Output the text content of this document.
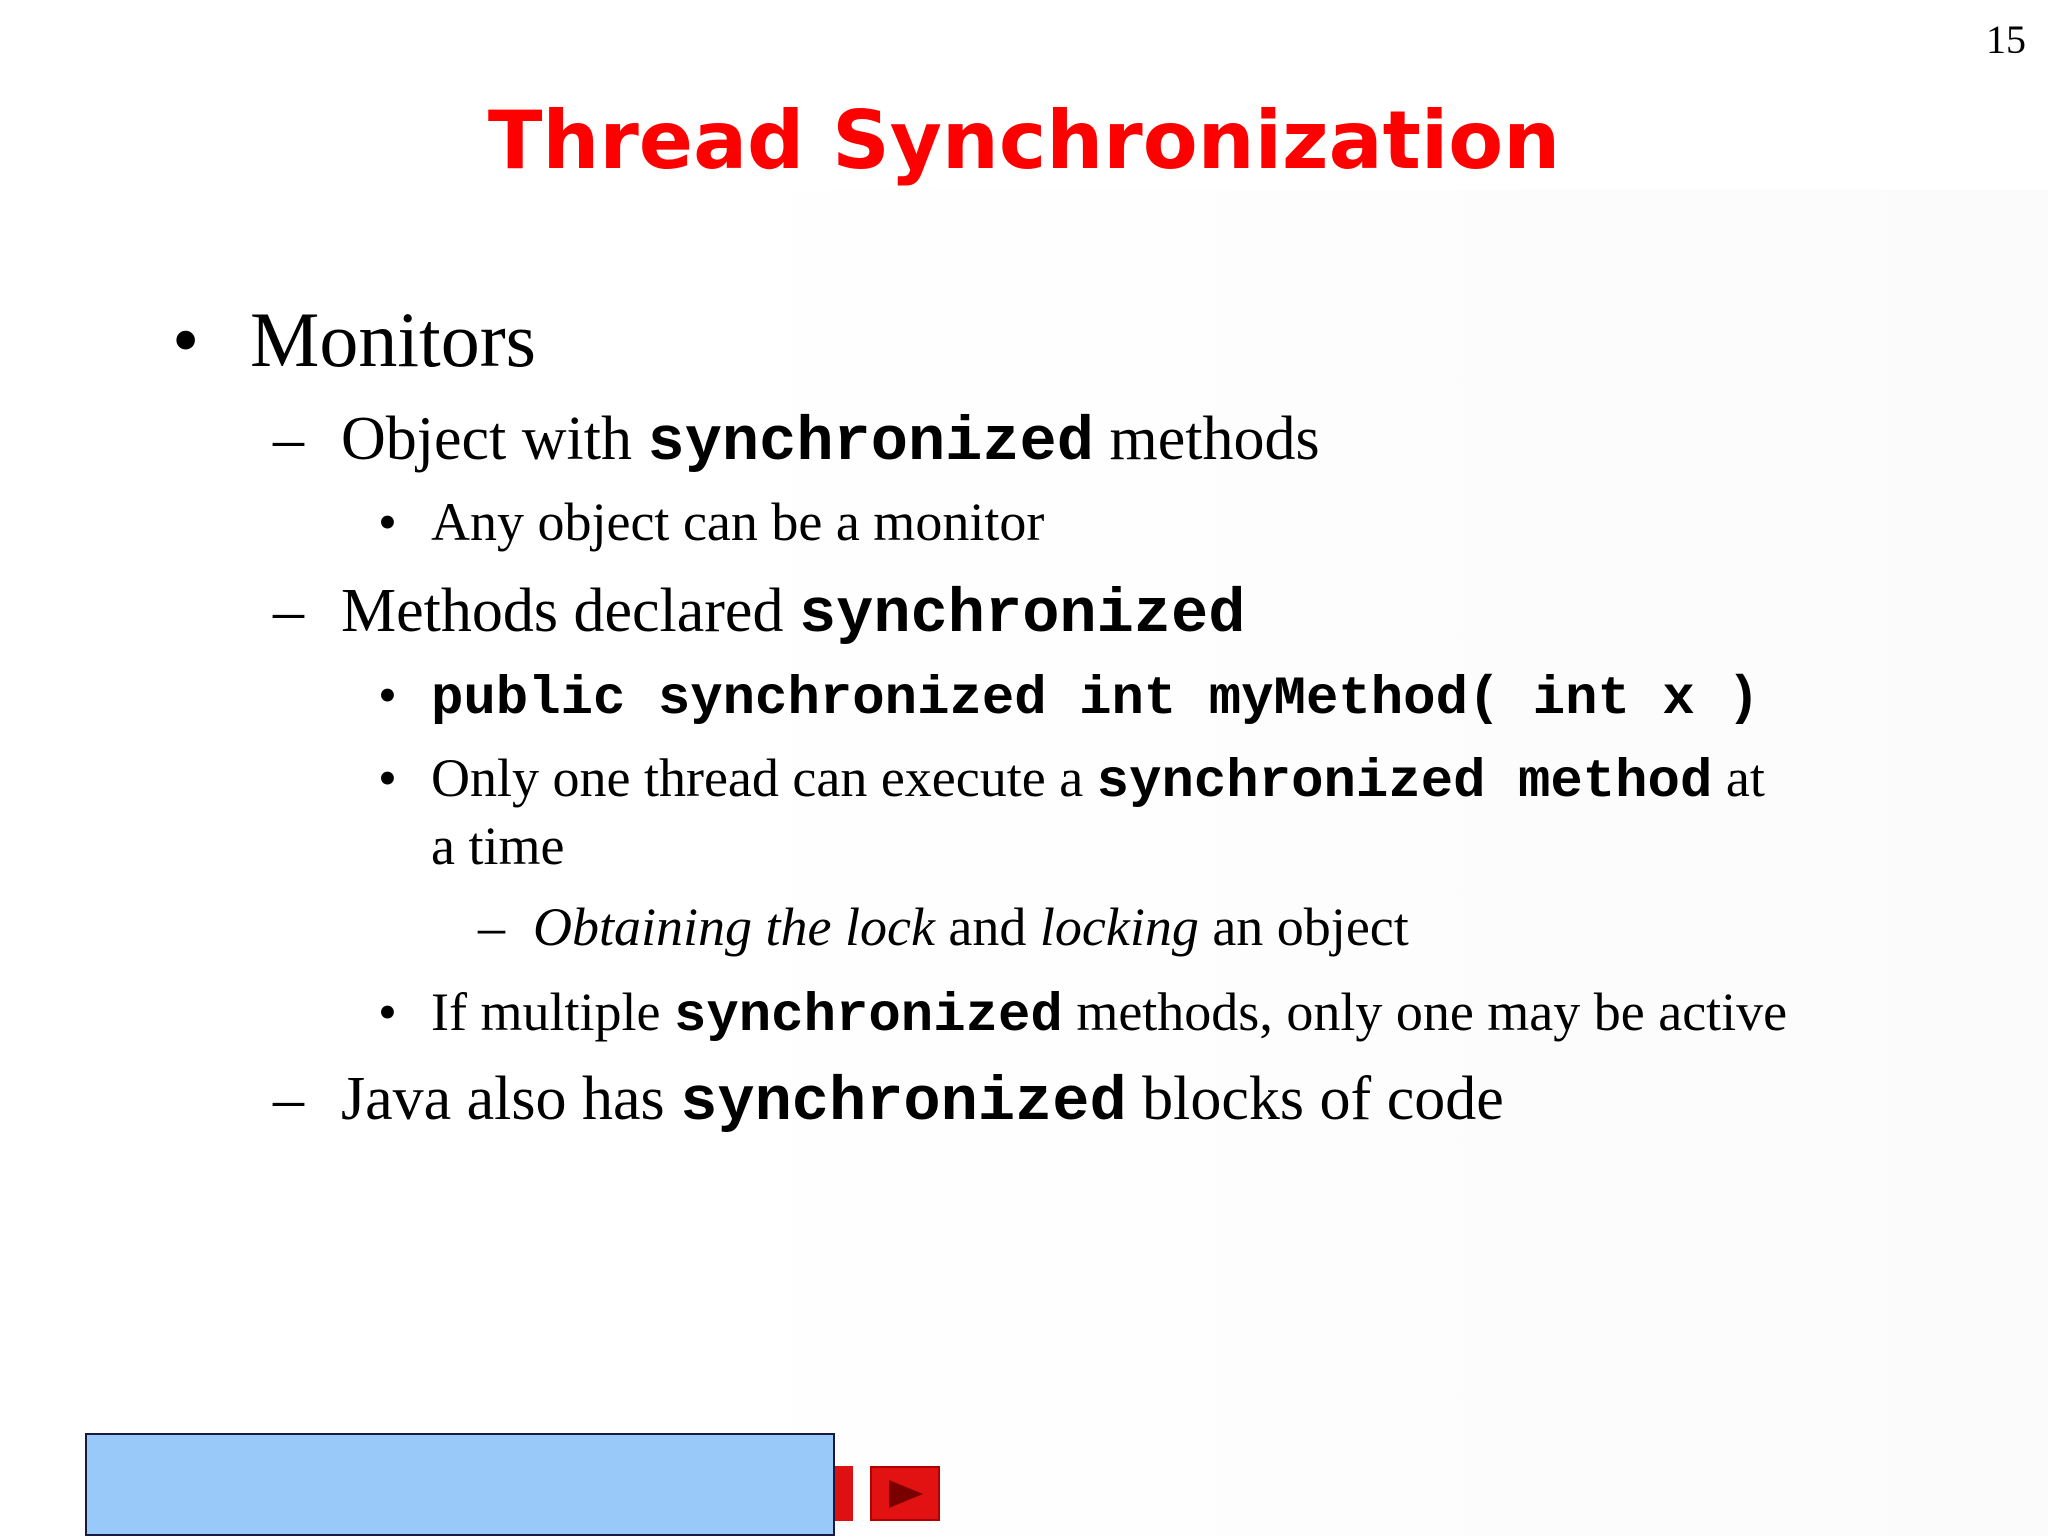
15
Thread Synchronization
• Monitors
– Object with synchronized methods
• Any object can be a monitor
– Methods declared synchronized
• public synchronized int myMethod( int x )
• Only one thread can execute a synchronized method at
a time
– Obtaining the lock and locking an object
• If multiple synchronized methods, only one may be active
– Java also has synchronized blocks of code
